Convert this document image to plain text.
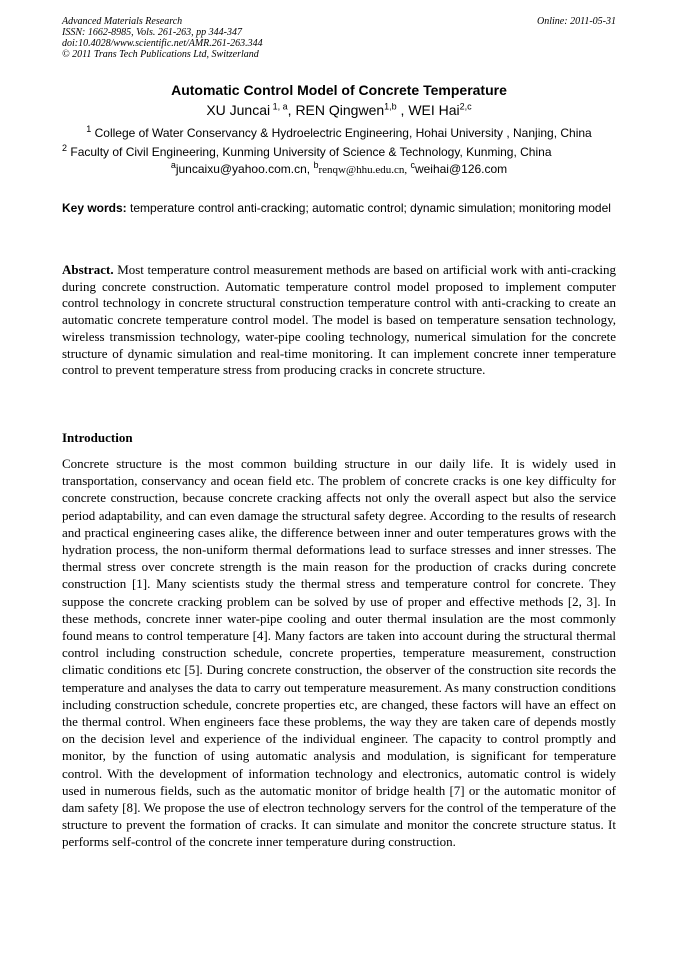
Advanced Materials Research
ISSN: 1662-8985, Vols. 261-263, pp 344-347
doi:10.4028/www.scientific.net/AMR.261-263.344
© 2011 Trans Tech Publications Ltd, Switzerland
Online: 2011-05-31
Automatic Control Model of Concrete Temperature
XU Juncai $^{1, a}$, REN Qingwen$^{1,b}$ , WEI Hai$^{2,c}$
$^1$ College of Water Conservancy & Hydroelectric Engineering, Hohai University , Nanjing, China
$^2$ Faculty of Civil Engineering, Kunming University of Science & Technology, Kunming, China
$^a$juncaixu@yahoo.com.cn, $^b$renqw@hhu.edu.cn, $^c$weihai@126.com
Key words: temperature control anti-cracking; automatic control; dynamic simulation; monitoring model
Abstract. Most temperature control measurement methods are based on artificial work with anti-cracking during concrete construction. Automatic temperature control model proposed to implement computer control technology in concrete structural construction temperature control with anti-cracking to create an automatic concrete temperature control model. The model is based on temperature sensation technology, wireless transmission technology, water-pipe cooling technology, numerical simulation for the concrete structure of dynamic simulation and real-time monitoring. It can implement concrete inner temperature control to prevent temperature stress from producing cracks in concrete structure.
Introduction
Concrete structure is the most common building structure in our daily life. It is widely used in transportation, conservancy and ocean field etc. The problem of concrete cracks is one key difficulty for concrete construction, because concrete cracking affects not only the overall aspect but also the service period adaptability, and can even damage the structural safety degree. According to the results of research and practical engineering cases alike, the difference between inner and outer temperatures grows with the hydration process, the non-uniform thermal deformations lead to surface stresses and inner stresses. The thermal stress over concrete strength is the main reason for the production of cracks during concrete construction [1]. Many scientists study the thermal stress and temperature control for concrete. They suppose the concrete cracking problem can be solved by use of proper and effective methods [2, 3]. In these methods, concrete inner water-pipe cooling and outer thermal insulation are the most commonly found means to control temperature [4]. Many factors are taken into account during the structural thermal control including construction schedule, concrete properties, temperature measurement, construction climatic conditions etc [5]. During concrete construction, the observer of the construction site records the temperature and analyses the data to carry out temperature measurement. As many construction conditions including construction schedule, concrete properties etc, are changed, these factors will have an effect on the thermal control. When engineers face these problems, the way they are taken care of depends mostly on the decision level and experience of the individual engineer. The capacity to control promptly and monitor, by the function of using automatic analysis and modulation, is significant for temperature control. With the development of information technology and electronics, automatic control is widely used in numerous fields, such as the automatic monitor of bridge health [7] or the automatic monitor of dam safety [8]. We propose the use of electron technology servers for the control of the temperature of the structure to prevent the formation of cracks. It can simulate and monitor the concrete structure status. It performs self-control of the concrete inner temperature during construction.
